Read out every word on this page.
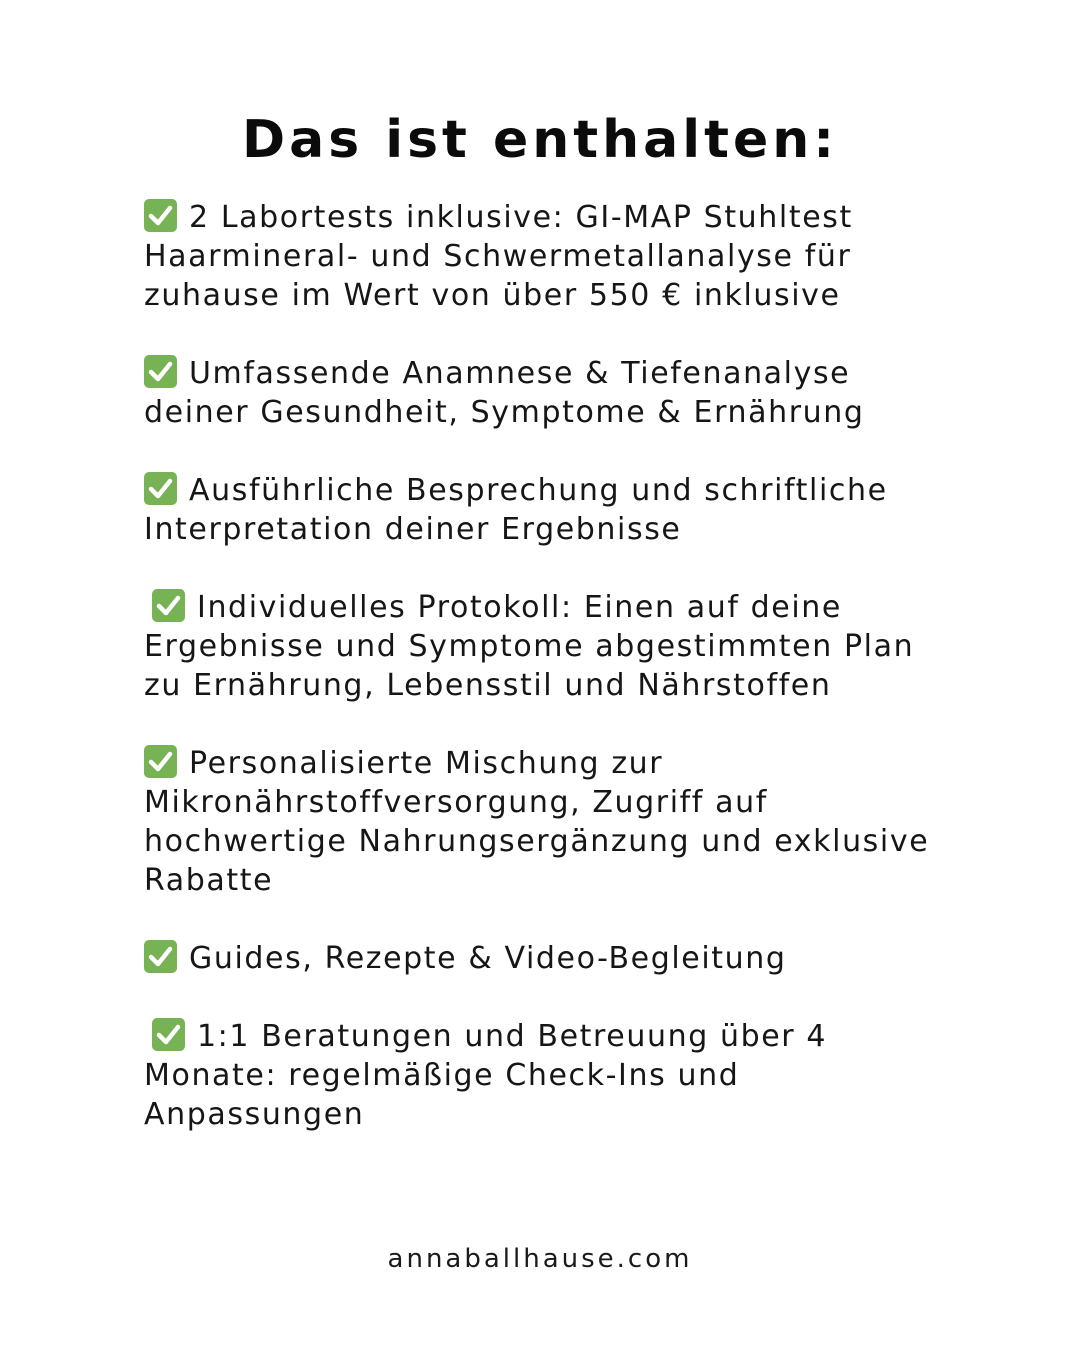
Das ist enthalten:
2 Labortests inklusive: GI-MAP Stuhltest Haarmineral- und Schwermetallanalyse für zuhause im Wert von über 550 € inklusive
Umfassende Anamnese & Tiefenanalyse deiner Gesundheit, Symptome & Ernährung
Ausführliche Besprechung und schriftliche Interpretation deiner Ergebnisse
Individuelles Protokoll: Einen auf deine Ergebnisse und Symptome abgestimmten Plan zu Ernährung, Lebensstil und Nährstoffen
Personalisierte Mischung zur Mikronährstoffversorgung, Zugriff auf hochwertige Nahrungsergänzung und exklusive Rabatte
Guides, Rezepte & Video-Begleitung
1:1 Beratungen und Betreuung über 4 Monate: regelmäßige Check-Ins und Anpassungen
annaballhause.com
